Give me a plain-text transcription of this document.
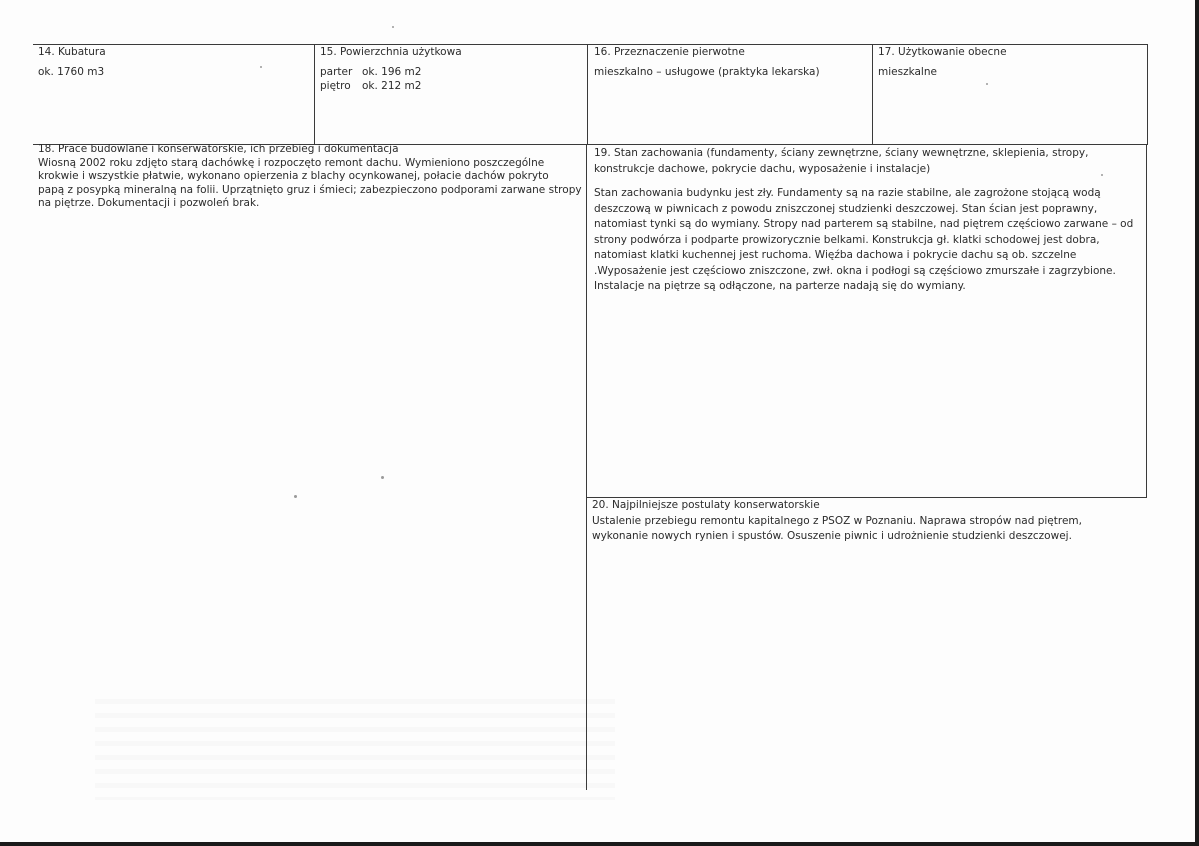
14. Kubatura
ok. 1760 m3
15. Powierzchnia użytkowa
parter ok. 196 m2
piętro ok. 212 m2
16. Przeznaczenie pierwotne
mieszkalno – usługowe (praktyka lekarska)
17. Użytkowanie obecne
mieszkalne
18. Prace budowlane i konserwatorskie, ich przebieg i dokumentacja
Wiosną 2002 roku zdjęto starą dachówkę i rozpoczęto remont dachu. Wymieniono poszczególne
krokwie i wszystkie płatwie, wykonano opierzenia z blachy ocynkowanej, połacie dachów pokryto
papą z posypką mineralną na folii. Uprzątnięto gruz i śmieci; zabezpieczono podporami zarwane stropy
na piętrze. Dokumentacji i pozwoleń brak.
19. Stan zachowania (fundamenty, ściany zewnętrzne, ściany wewnętrzne, sklepienia, stropy,
konstrukcje dachowe, pokrycie dachu, wyposażenie i instalacje)
Stan zachowania budynku jest zły. Fundamenty są na razie stabilne, ale zagrożone stojącą wodą
deszczową w piwnicach z powodu zniszczonej studzienki deszczowej. Stan ścian jest poprawny,
natomiast tynki są do wymiany. Stropy nad parterem są stabilne, nad piętrem częściowo zarwane – od
strony podwórza i podparte prowizorycznie belkami. Konstrukcja gł. klatki schodowej jest dobra,
natomiast klatki kuchennej jest ruchoma. Więźba dachowa i pokrycie dachu są ob. szczelne
.Wyposażenie jest częściowo zniszczone, zwł. okna i podłogi są częściowo zmurszałe i zagrzybione.
Instalacje na piętrze są odłączone, na parterze nadają się do wymiany.
20. Najpilniejsze postulaty konserwatorskie
Ustalenie przebiegu remontu kapitalnego z PSOZ w Poznaniu. Naprawa stropów nad piętrem,
wykonanie nowych rynien i spustów. Osuszenie piwnic i udrożnienie studzienki deszczowej.
